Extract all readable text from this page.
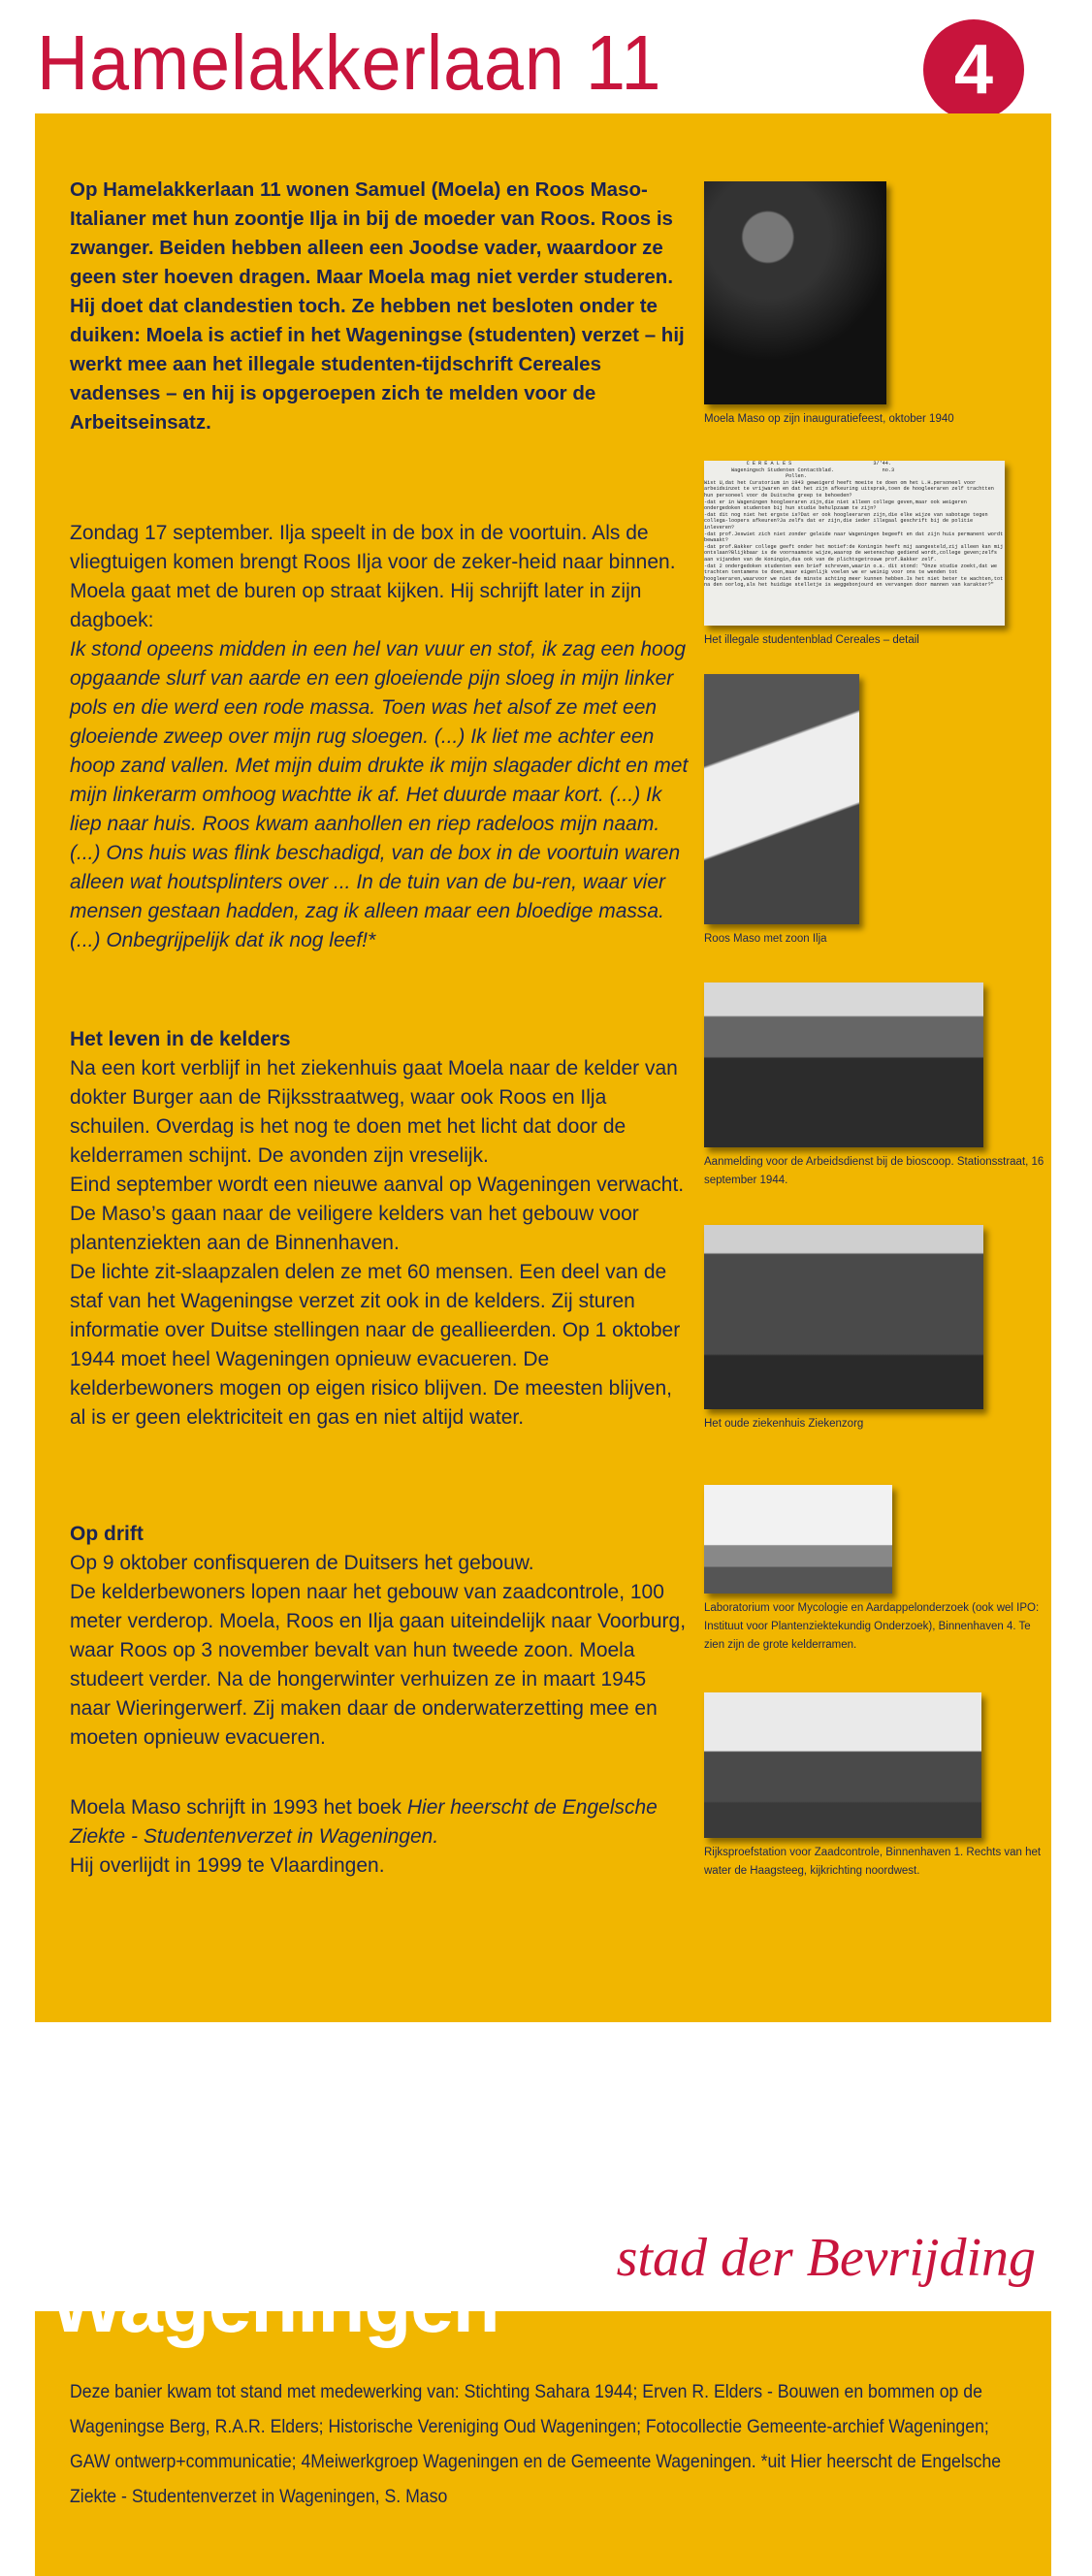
Hamelakkerlaan 11	4

Op Hamelakkerlaan 11 wonen Samuel (Moela) en Roos Maso-Italianer met hun zoontje Ilja in bij de moeder van Roos. Roos is zwanger. Beiden hebben alleen een Joodse vader, waardoor ze geen ster hoeven dragen. Maar Moela mag niet verder studeren. Hij doet dat clandestien toch. Ze hebben net besloten onder te duiken: Moela is actief in het Wageningse (studenten) verzet – hij werkt mee aan het illegale studenten-tijdschrift Cereales vadenses – en hij is opgeroepen zich te melden voor de Arbeitseinsatz.

Zondag 17 september. Ilja speelt in de box in de voortuin. Als de vliegtuigen komen brengt Roos Ilja voor de zeker-heid naar binnen. Moela gaat met de buren op straat kijken. Hij schrijft later in zijn dagboek:
Ik stond opeens midden in een hel van vuur en stof, ik zag een hoog opgaande slurf van aarde en een gloeiende pijn sloeg in mijn linker pols en die werd een rode massa. Toen was het alsof ze met een gloeiende zweep over mijn rug sloegen. (...) Ik liet me achter een hoop zand vallen. Met mijn duim drukte ik mijn slagader dicht en met mijn linkerarm omhoog wachtte ik af. Het duurde maar kort. (...) Ik liep naar huis. Roos kwam aanhollen en riep radeloos mijn naam. (...) Ons huis was flink beschadigd, van de box in de voortuin waren alleen wat houtsplinters over ... In de tuin van de bu-ren, waar vier mensen gestaan hadden, zag ik alleen maar een bloedige massa. (...) Onbegrijpelijk dat ik nog leef!*

Het leven in de kelders
Na een kort verblijf in het ziekenhuis gaat Moela naar de kelder van dokter Burger aan de Rijksstraatweg, waar ook Roos en Ilja schuilen. Overdag is het nog te doen met het licht dat door de kelderramen schijnt. De avonden zijn vreselijk.
Eind september wordt een nieuwe aanval op Wageningen verwacht. De Maso’s gaan naar de veiligere kelders van het gebouw voor plantenziekten aan de Binnenhaven.
De lichte zit-slaapzalen delen ze met 60 mensen. Een deel van de staf van het Wageningse verzet zit ook in de kelders. Zij sturen informatie over Duitse stellingen naar de geallieerden. Op 1 oktober 1944 moet heel Wageningen opnieuw evacueren. De kelderbewoners mogen op eigen risico blijven. De meesten blijven, al is er geen elektriciteit en gas en niet altijd water.
Op drift
Op 9 oktober confisqueren de Duitsers het gebouw.
De kelderbewoners lopen naar het gebouw van zaadcontrole, 100 meter verderop. Moela, Roos en Ilja gaan uiteindelijk naar Voorburg, waar Roos op 3 november bevalt van hun tweede zoon. Moela studeert verder. Na de hongerwinter verhuizen ze in maart 1945 naar Wieringerwerf. Zij maken daar de onderwaterzetting mee en moeten opnieuw evacueren.

Moela Maso schrijft in 1993 het boek Hier heerscht de Engelsche Ziekte - Studentenverzet in Wageningen.
Hij overlijdt in 1999 te Vlaardingen.

Moela Maso op zijn inauguratiefeest, oktober 1940
C E R E A L E S                           3/'44.
Wageningsch Studenten Contactblad.                no.3
Pollen.
Wist U,dat het Curatorium in 1943 geweigerd heeft moeite te doen om het L.H.personeel voor arbeidsinzet te vrijwaren en dat het zijn afkeuring uitsprak,toen de hoogleeraren zelf trachtten hun personeel voor de Duitsche greep te behoeden?
-dat er in Wageningen hoogleeraren zijn,die niet alleen college geven,maar ook weigeren ondergedoken studenten bij hun studie behulpzaam te zijn?
-dat dit nog niet het ergste is?Dat er ook hoogleeraren zijn,die elke wijze van sabotage tegen collega-loopers afkeuren?Ja zelfs dat er zijn,die ieder illegaal geschrift bij de politie inleveren?
-dat prof.Jeswiet zich niet zonder geleide naar Wageningen begeeft en dat zijn huis permanent wordt bewaakt?
-dat prof.Bakker college geeft onder het motief:de Koningin heeft mij aangesteld,zij alleen kan mij ontslaan?Blijkbaar is de voornaamste wijze,waarop de wetenschap gediend wordt,college geven;zelfs aan vijanden van de Koningin,dus ook van de plichtsgetrouwe prof.Bakker zelf.
-dat 2 ondergedoken studenten een brief schreven,waarin o.a. dit stond: "Onze studie zoekt,dat we trachten tentamens te doen,maar eigenlijk voelen we er weinig voor ons te wenden tot hoogleeraren,waarvoor we niet de minste achting meer kunnen hebben.Is het niet beter te wachten,tot na den oorlog,als het huidige stelletje is weggebonjourd en vervangen door mannen van karakter?"
Het illegale studentenblad Cereales – detail
Roos Maso met zoon Ilja
Aanmelding voor de Arbeidsdienst bij de bioscoop. Stationsstraat, 16 september 1944.
Het oude ziekenhuis Ziekenzorg
Laboratorium voor Mycologie en Aardappelonderzoek (ook wel IPO: Instituut voor Plantenziektekundig Onderzoek), Binnenhaven 4. Te zien zijn de grote kelderramen.
Rijksproefstation voor Zaadcontrole, Binnenhaven 1. Rechts van het water de Haagsteeg, kijkrichting noordwest.
stad der Bevrijding
Wageningen

Deze banier kwam tot stand met medewerking van: Stichting Sahara 1944; Erven R. Elders - Bouwen en bommen op de Wageningse Berg, R.A.R. Elders; Historische Vereniging Oud Wageningen; Fotocollectie Gemeente-archief Wageningen; GAW ontwerp+communicatie; 4Meiwerkgroep Wageningen en de Gemeente Wageningen. *uit Hier heerscht de Engelsche Ziekte - Studentenverzet in Wageningen, S. Maso
